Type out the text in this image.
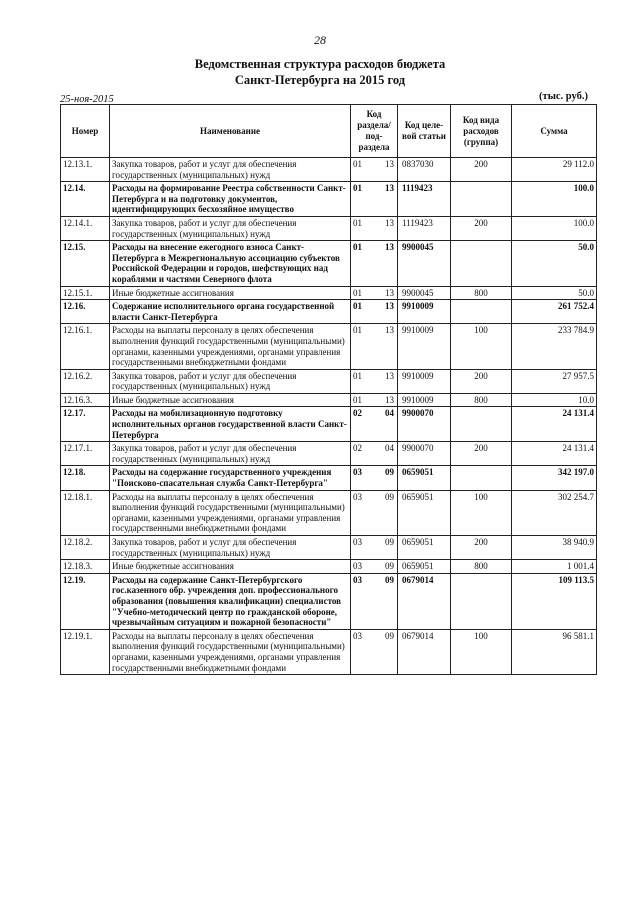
28
Ведомственная структура расходов бюджета
Санкт-Петербурга на 2015 год
25-ноя-2015	(тыс. руб.)
Номер	Наименование	Код раздела/ под-раздела		Код целе-вой статьи	Код вида расходов (группа)	Сумма
12.13.1.	Закупка товаров, работ и услуг для обеспечения государственных (муниципальных) нужд	01	13	0837030	200	29 112.0
12.14.	Расходы на формирование Реестра собственности Санкт-Петербурга и на подготовку документов, идентифицирующих бесхозяйное имущество	01	13	1119423		100.0
12.14.1.	Закупка товаров, работ и услуг для обеспечения государственных (муниципальных) нужд	01	13	1119423	200	100.0
12.15.	Расходы на внесение ежегодного взноса Санкт-Петербурга в Межрегиональную ассоциацию субъектов Российской Федерации и городов, шефствующих над кораблями и частями Северного флота	01	13	9900045		50.0
12.15.1.	Иные бюджетные ассигнования	01	13	9900045	800	50.0
12.16.	Содержание исполнительного органа государственной власти Санкт-Петербурга	01	13	9910009		261 752.4
12.16.1.	Расходы на выплаты персоналу в целях обеспечения выполнения функций государственными (муниципальными) органами, казенными учреждениями, органами управления государственными внебюджетными фондами	01	13	9910009	100	233 784.9
12.16.2.	Закупка товаров, работ и услуг для обеспечения государственных (муниципальных) нужд	01	13	9910009	200	27 957.5
12.16.3.	Иные бюджетные ассигнования	01	13	9910009	800	10.0
12.17.	Расходы на мобилизационную подготовку исполнительных органов государственной власти Санкт-Петербурга	02	04	9900070		24 131.4
12.17.1.	Закупка товаров, работ и услуг для обеспечения государственных (муниципальных) нужд	02	04	9900070	200	24 131.4
12.18.	Расходы на содержание государственного учреждения "Поисково-спасательная служба Санкт-Петербурга"	03	09	0659051		342 197.0
12.18.1.	Расходы на выплаты персоналу в целях обеспечения выполнения функций государственными (муниципальными) органами, казенными учреждениями, органами управления государственными внебюджетными фондами	03	09	0659051	100	302 254.7
12.18.2.	Закупка товаров, работ и услуг для обеспечения государственных (муниципальных) нужд	03	09	0659051	200	38 940.9
12.18.3.	Иные бюджетные ассигнования	03	09	0659051	800	1 001.4
12.19.	Расходы на содержание Санкт-Петербургского гос.казенного обр. учреждения доп. профессионального образования (повышения квалификации) специалистов "Учебно-методический центр по гражданской обороне, чрезвычайным ситуациям и пожарной безопасности"	03	09	0679014		109 113.5
12.19.1.	Расходы на выплаты персоналу в целях обеспечения выполнения функций государственными (муниципальными) органами, казенными учреждениями, органами управления государственными внебюджетными фондами	03	09	0679014	100	96 581.1
